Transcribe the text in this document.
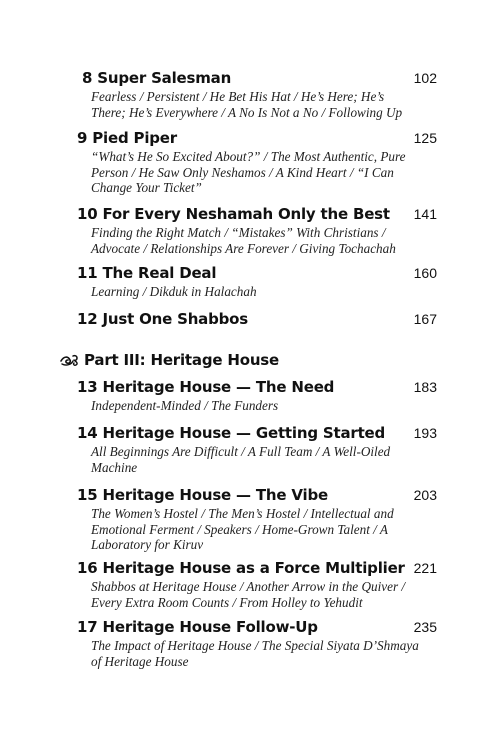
8 Super Salesman	102
Fearless / Persistent / He Bet His Hat / He’s Here; He’s There; He’s Everywhere / A No Is Not a No / Following Up
9 Pied Piper	125
“What’s He So Excited About?” / The Most Authentic, Pure Person / He Saw Only Neshamos / A Kind Heart / “I Can Change Your Ticket”
10 For Every Neshamah Only the Best 141
Finding the Right Match / “Mistakes” With Christians / Advocate / Relationships Are Forever / Giving Tochachah
11 The Real Deal	160
Learning / Dikduk in Halachah
12 Just One Shabbos	167
Part III: Heritage House
13 Heritage House — The Need	183
Independent-Minded / The Funders
14 Heritage House — Getting Started 193
All Beginnings Are Difficult / A Full Team / A Well-Oiled Machine
15 Heritage House — The Vibe	203
The Women’s Hostel / The Men’s Hostel / Intellectual and Emotional Ferment / Speakers / Home-Grown Talent / A Laboratory for Kiruv
16 Heritage House as a Force Multiplier 221
Shabbos at Heritage House / Another Arrow in the Quiver / Every Extra Room Counts / From Holley to Yehudit
17 Heritage House Follow-Up	235
The Impact of Heritage House / The Special Siyata D’Shmaya of Heritage House
